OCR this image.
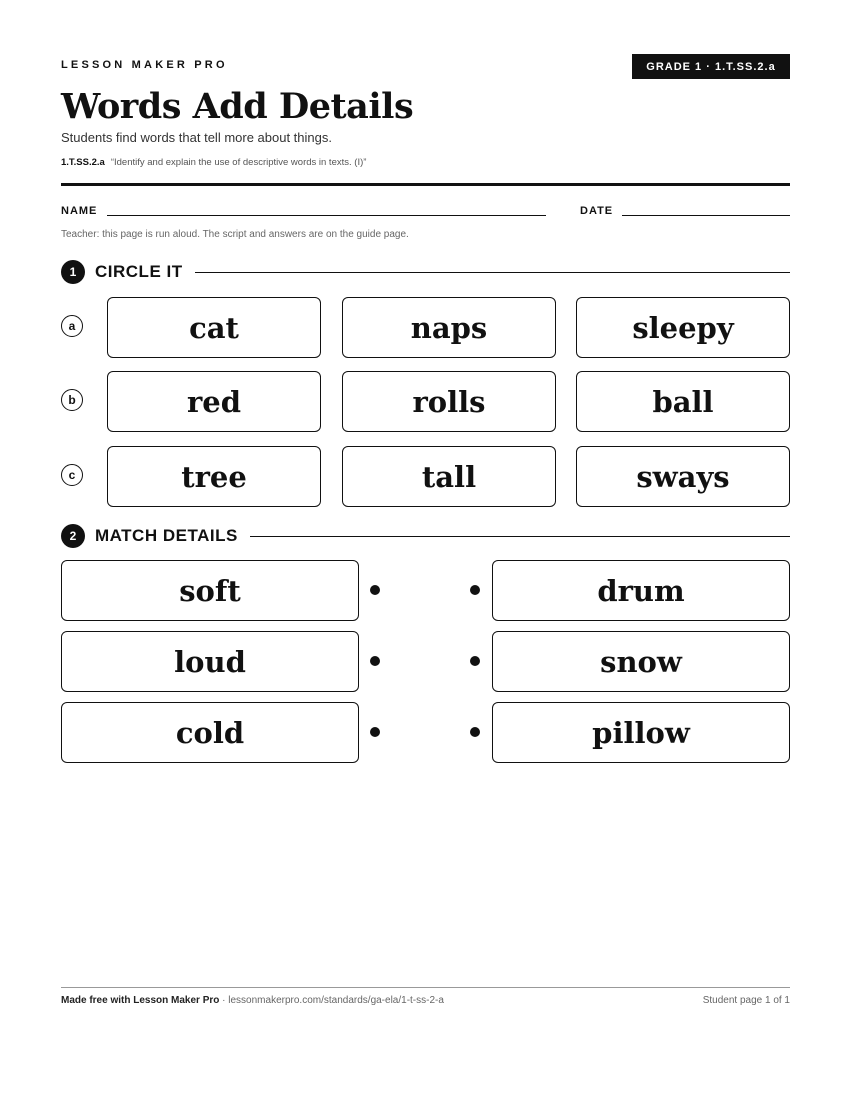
LESSON MAKER PRO	GRADE 1 · 1.T.SS.2.a
Words Add Details
Students find words that tell more about things.
1.T.SS.2.a “Identify and explain the use of descriptive words in texts. (I)”
NAME	DATE
Teacher: this page is run aloud. The script and answers are on the guide page.
1	CIRCLE IT
a	cat	naps	sleepy
b	red	rolls	ball
c	tree	tall	sways
2	MATCH DETAILS
soft	drum
loud	snow
cold	pillow
Made free with Lesson Maker Pro · lessonmakerpro.com/standards/ga-ela/1-t-ss-2-a	Student page 1 of 1
